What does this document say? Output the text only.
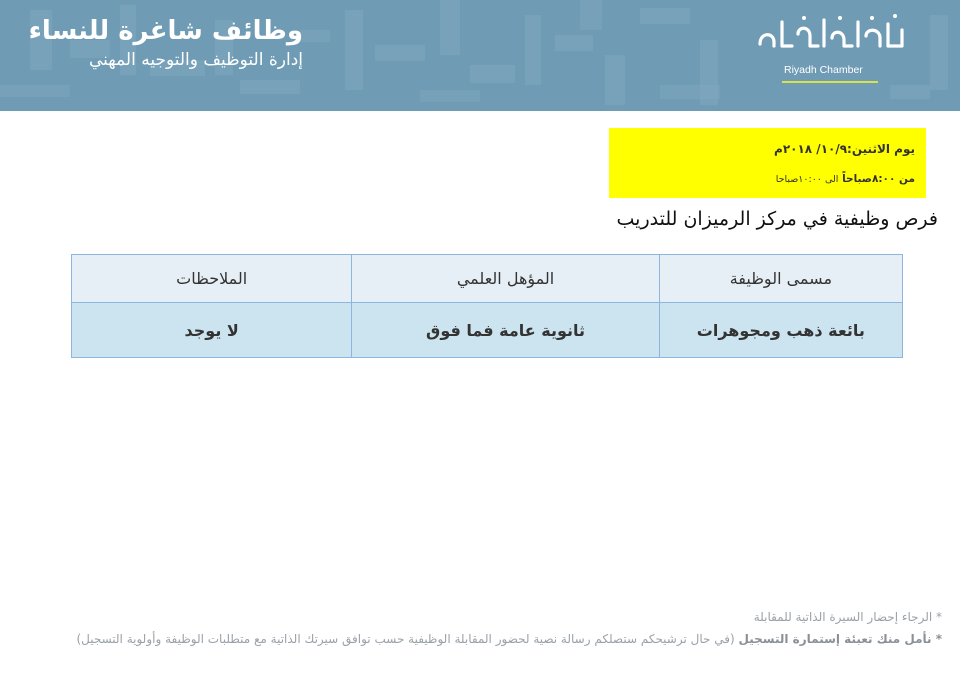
وظائف شاغرة للنساء
إدارة التوظيف والتوجيه المهني	Riyadh Chamber
يوم الاثنين:١٠/٩/ ٢٠١٨م
من ٨:٠٠صباحاً الى ١٠:٠٠صباحا
فرص وظيفية في مركز الرميزان للتدريب
مسمى الوظيفة	المؤهل العلمي	الملاحظات
بائعة ذهب ومجوهرات	ثانوية عامة فما فوق	لا يوجد
* الرجاء إحضار السيرة الذاتية للمقابلة
* نأمل منك تعبئة إستمارة التسجيل (في حال ترشيحكم ستصلكم رسالة نصية لحضور المقابلة الوظيفية حسب توافق سيرتك الذاتية مع متطلبات الوظيفة وأولوية التسجيل)
